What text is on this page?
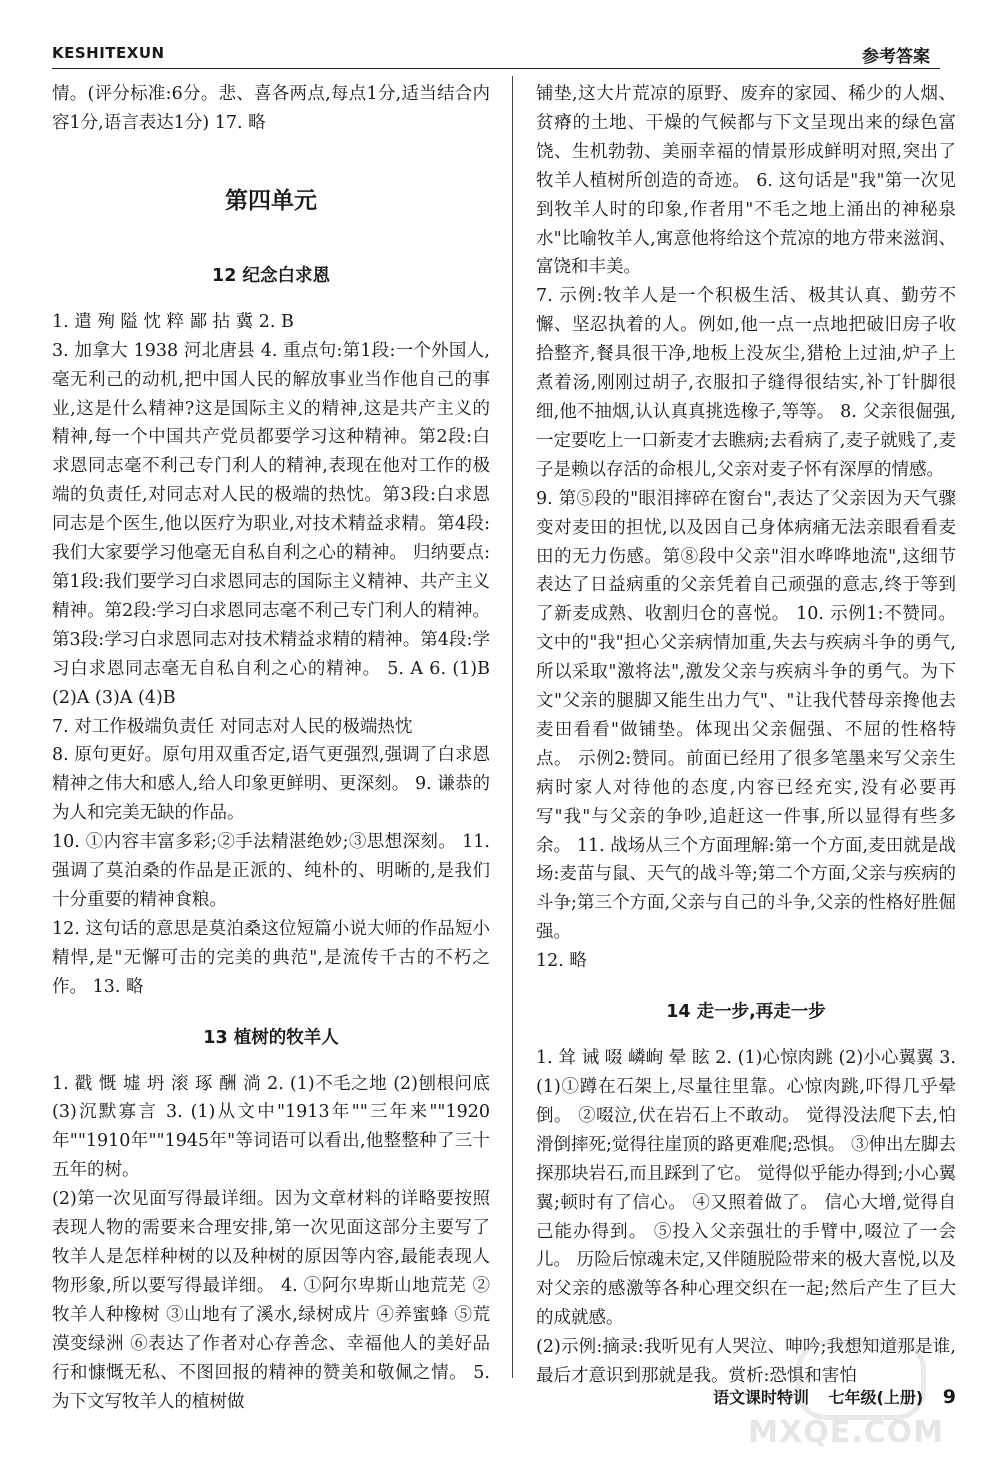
KESHITEXUN	参考答案

情。(评分标准:6分。悲、喜各两点,每点1分,适当结合内容1分,语言表达1分) 17. 略

第四单元
12 纪念白求恩

1. 遣 殉 隘 忱 粹 鄙 拈 冀 2. B

3. 加拿大 1938 河北唐县 4. 重点句:第1段:一个外国人,毫无利己的动机,把中国人民的解放事业当作他自己的事业,这是什么精神?这是国际主义的精神,这是共产主义的精神,每一个中国共产党员都要学习这种精神。第2段:白求恩同志毫不利己专门利人的精神,表现在他对工作的极端的负责任,对同志对人民的极端的热忱。第3段:白求恩同志是个医生,他以医疗为职业,对技术精益求精。第4段:我们大家要学习他毫无自私自利之心的精神。 归纳要点:第1段:我们要学习白求恩同志的国际主义精神、共产主义精神。第2段:学习白求恩同志毫不利己专门利人的精神。第3段:学习白求恩同志对技术精益求精的精神。第4段:学习白求恩同志毫无自私自利之心的精神。 5. A 6. (1)B (2)A (3)A (4)B

7. 对工作极端负责任 对同志对人民的极端热忱

8. 原句更好。原句用双重否定,语气更强烈,强调了白求恩精神之伟大和感人,给人印象更鲜明、更深刻。 9. 谦恭的为人和完美无缺的作品。

10. ①内容丰富多彩;②手法精湛绝妙;③思想深刻。 11. 强调了莫泊桑的作品是正派的、纯朴的、明晰的,是我们十分重要的精神食粮。

12. 这句话的意思是莫泊桑这位短篇小说大师的作品短小精悍,是"无懈可击的完美的典范",是流传千古的不朽之作。 13. 略

13 植树的牧羊人

1. 戳 慨 墟 坍 滚 琢 酬 淌 2. (1)不毛之地 (2)刨根问底 (3)沉默寡言 3. (1)从文中"1913年""三年来""1920年""1910年""1945年"等词语可以看出,他整整种了三十五年的树。

(2)第一次见面写得最详细。因为文章材料的详略要按照表现人物的需要来合理安排,第一次见面这部分主要写了牧羊人是怎样种树的以及种树的原因等内容,最能表现人物形象,所以要写得最详细。 4. ①阿尔卑斯山地荒芜 ②牧羊人种橡树 ③山地有了溪水,绿树成片 ④养蜜蜂 ⑤荒漠变绿洲 ⑥表达了作者对心存善念、幸福他人的美好品行和慷慨无私、不图回报的精神的赞美和敬佩之情。 5. 为下文写牧羊人的植树做

铺垫,这大片荒凉的原野、废弃的家园、稀少的人烟、贫瘠的土地、干燥的气候都与下文呈现出来的绿色富饶、生机勃勃、美丽幸福的情景形成鲜明对照,突出了牧羊人植树所创造的奇迹。 6. 这句话是"我"第一次见到牧羊人时的印象,作者用"不毛之地上涌出的神秘泉水"比喻牧羊人,寓意他将给这个荒凉的地方带来滋润、富饶和丰美。

7. 示例:牧羊人是一个积极生活、极其认真、勤劳不懈、坚忍执着的人。例如,他一点一点地把破旧房子收拾整齐,餐具很干净,地板上没灰尘,猎枪上过油,炉子上煮着汤,刚刚过胡子,衣服扣子缝得很结实,补丁针脚很细,他不抽烟,认认真真挑选橡子,等等。 8. 父亲很倔强,一定要吃上一口新麦才去瞧病;去看病了,麦子就贱了,麦子是赖以存活的命根儿,父亲对麦子怀有深厚的情感。

9. 第⑤段的"眼泪摔碎在窗台",表达了父亲因为天气骤变对麦田的担忧,以及因自己身体病痛无法亲眼看看麦田的无力伤感。第⑧段中父亲"泪水哗哗地流",这细节表达了日益病重的父亲凭着自己顽强的意志,终于等到了新麦成熟、收割归仓的喜悦。 10. 示例1:不赞同。文中的"我"担心父亲病情加重,失去与疾病斗争的勇气,所以采取"激将法",激发父亲与疾病斗争的勇气。为下文"父亲的腿脚又能生出力气"、"让我代替母亲搀他去麦田看看"做铺垫。体现出父亲倔强、不屈的性格特点。 示例2:赞同。前面已经用了很多笔墨来写父亲生病时家人对待他的态度,内容已经充实,没有必要再写"我"与父亲的争吵,追赶这一件事,所以显得有些多余。 11. 战场从三个方面理解:第一个方面,麦田就是战场:麦苗与鼠、天气的战斗等;第二个方面,父亲与疾病的斗争;第三个方面,父亲与自己的斗争,父亲的性格好胜倔强。

12. 略

14 走一步,再走一步

1. 耸 诫 啜 嶙峋 晕 眩 2. (1)心惊肉跳 (2)小心翼翼 3. (1)①蹲在石架上,尽量往里靠。心惊肉跳,吓得几乎晕倒。 ②啜泣,伏在岩石上不敢动。 觉得没法爬下去,怕滑倒摔死;觉得往崖顶的路更难爬;恐惧。 ③伸出左脚去探那块岩石,而且踩到了它。 觉得似乎能办得到;小心翼翼;顿时有了信心。 ④又照着做了。 信心大增,觉得自己能办得到。 ⑤投入父亲强壮的手臂中,啜泣了一会儿。 历险后惊魂未定,又伴随脱险带来的极大喜悦,以及对父亲的感激等各种心理交织在一起;然后产生了巨大的成就感。

(2)示例:摘录:我听见有人哭泣、呻吟;我想知道那是谁,最后才意识到那就是我。赏析:恐惧和害怕

MXQE.COM
语文课时特训 七年级(上册) 9
